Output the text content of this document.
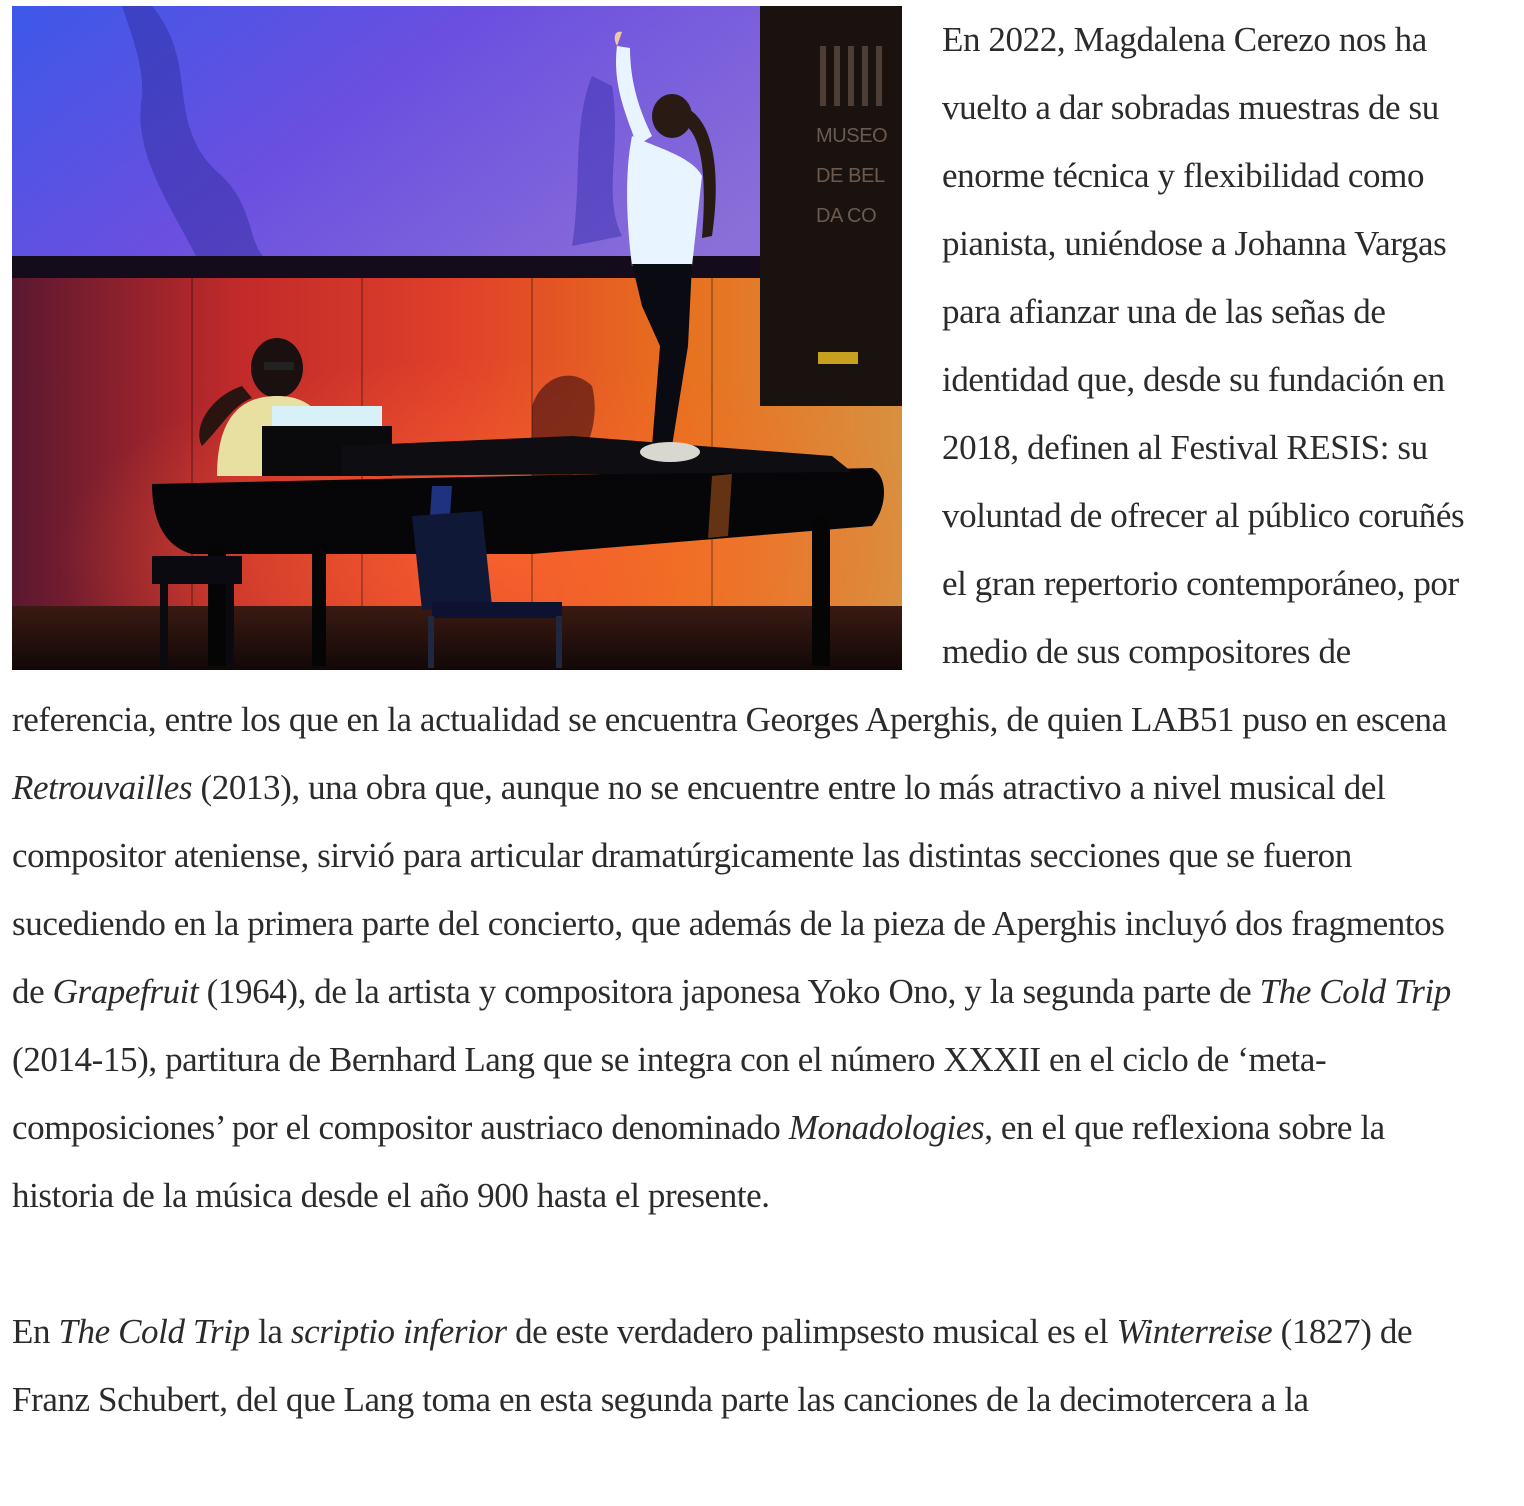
MUSEO
DE BEL
DA CO

En 2022, Magdalena Cerezo nos ha vuelto a dar sobradas muestras de su enorme técnica y flexibilidad como pianista, uniéndose a Johanna Vargas para afianzar una de las señas de identidad que, desde su fundación en 2018, definen al Festival RESIS: su voluntad de ofrecer al público coruñés el gran repertorio contemporáneo, por medio de sus compositores de referencia, entre los que en la actualidad se encuentra Georges Aperghis, de quien LAB51 puso en escena Retrouvailles (2013), una obra que, aunque no se encuentre entre lo más atractivo a nivel musical del compositor ateniense, sirvió para articular dramatúrgicamente las distintas secciones que se fueron sucediendo en la primera parte del concierto, que además de la pieza de Aperghis incluyó dos fragmentos de Grapefruit (1964), de la artista y compositora japonesa Yoko Ono, y la segunda parte de The Cold Trip (2014-15), partitura de Bernhard Lang que se integra con el número XXXII en el ciclo de ‘meta-composiciones’ por el compositor austriaco denominado Monadologies, en el que reflexiona sobre la historia de la música desde el año 900 hasta el presente.

En The Cold Trip la scriptio inferior de este verdadero palimpsesto musical es el Winterreise (1827) de Franz Schubert, del que Lang toma en esta segunda parte las canciones de la decimotercera a la
